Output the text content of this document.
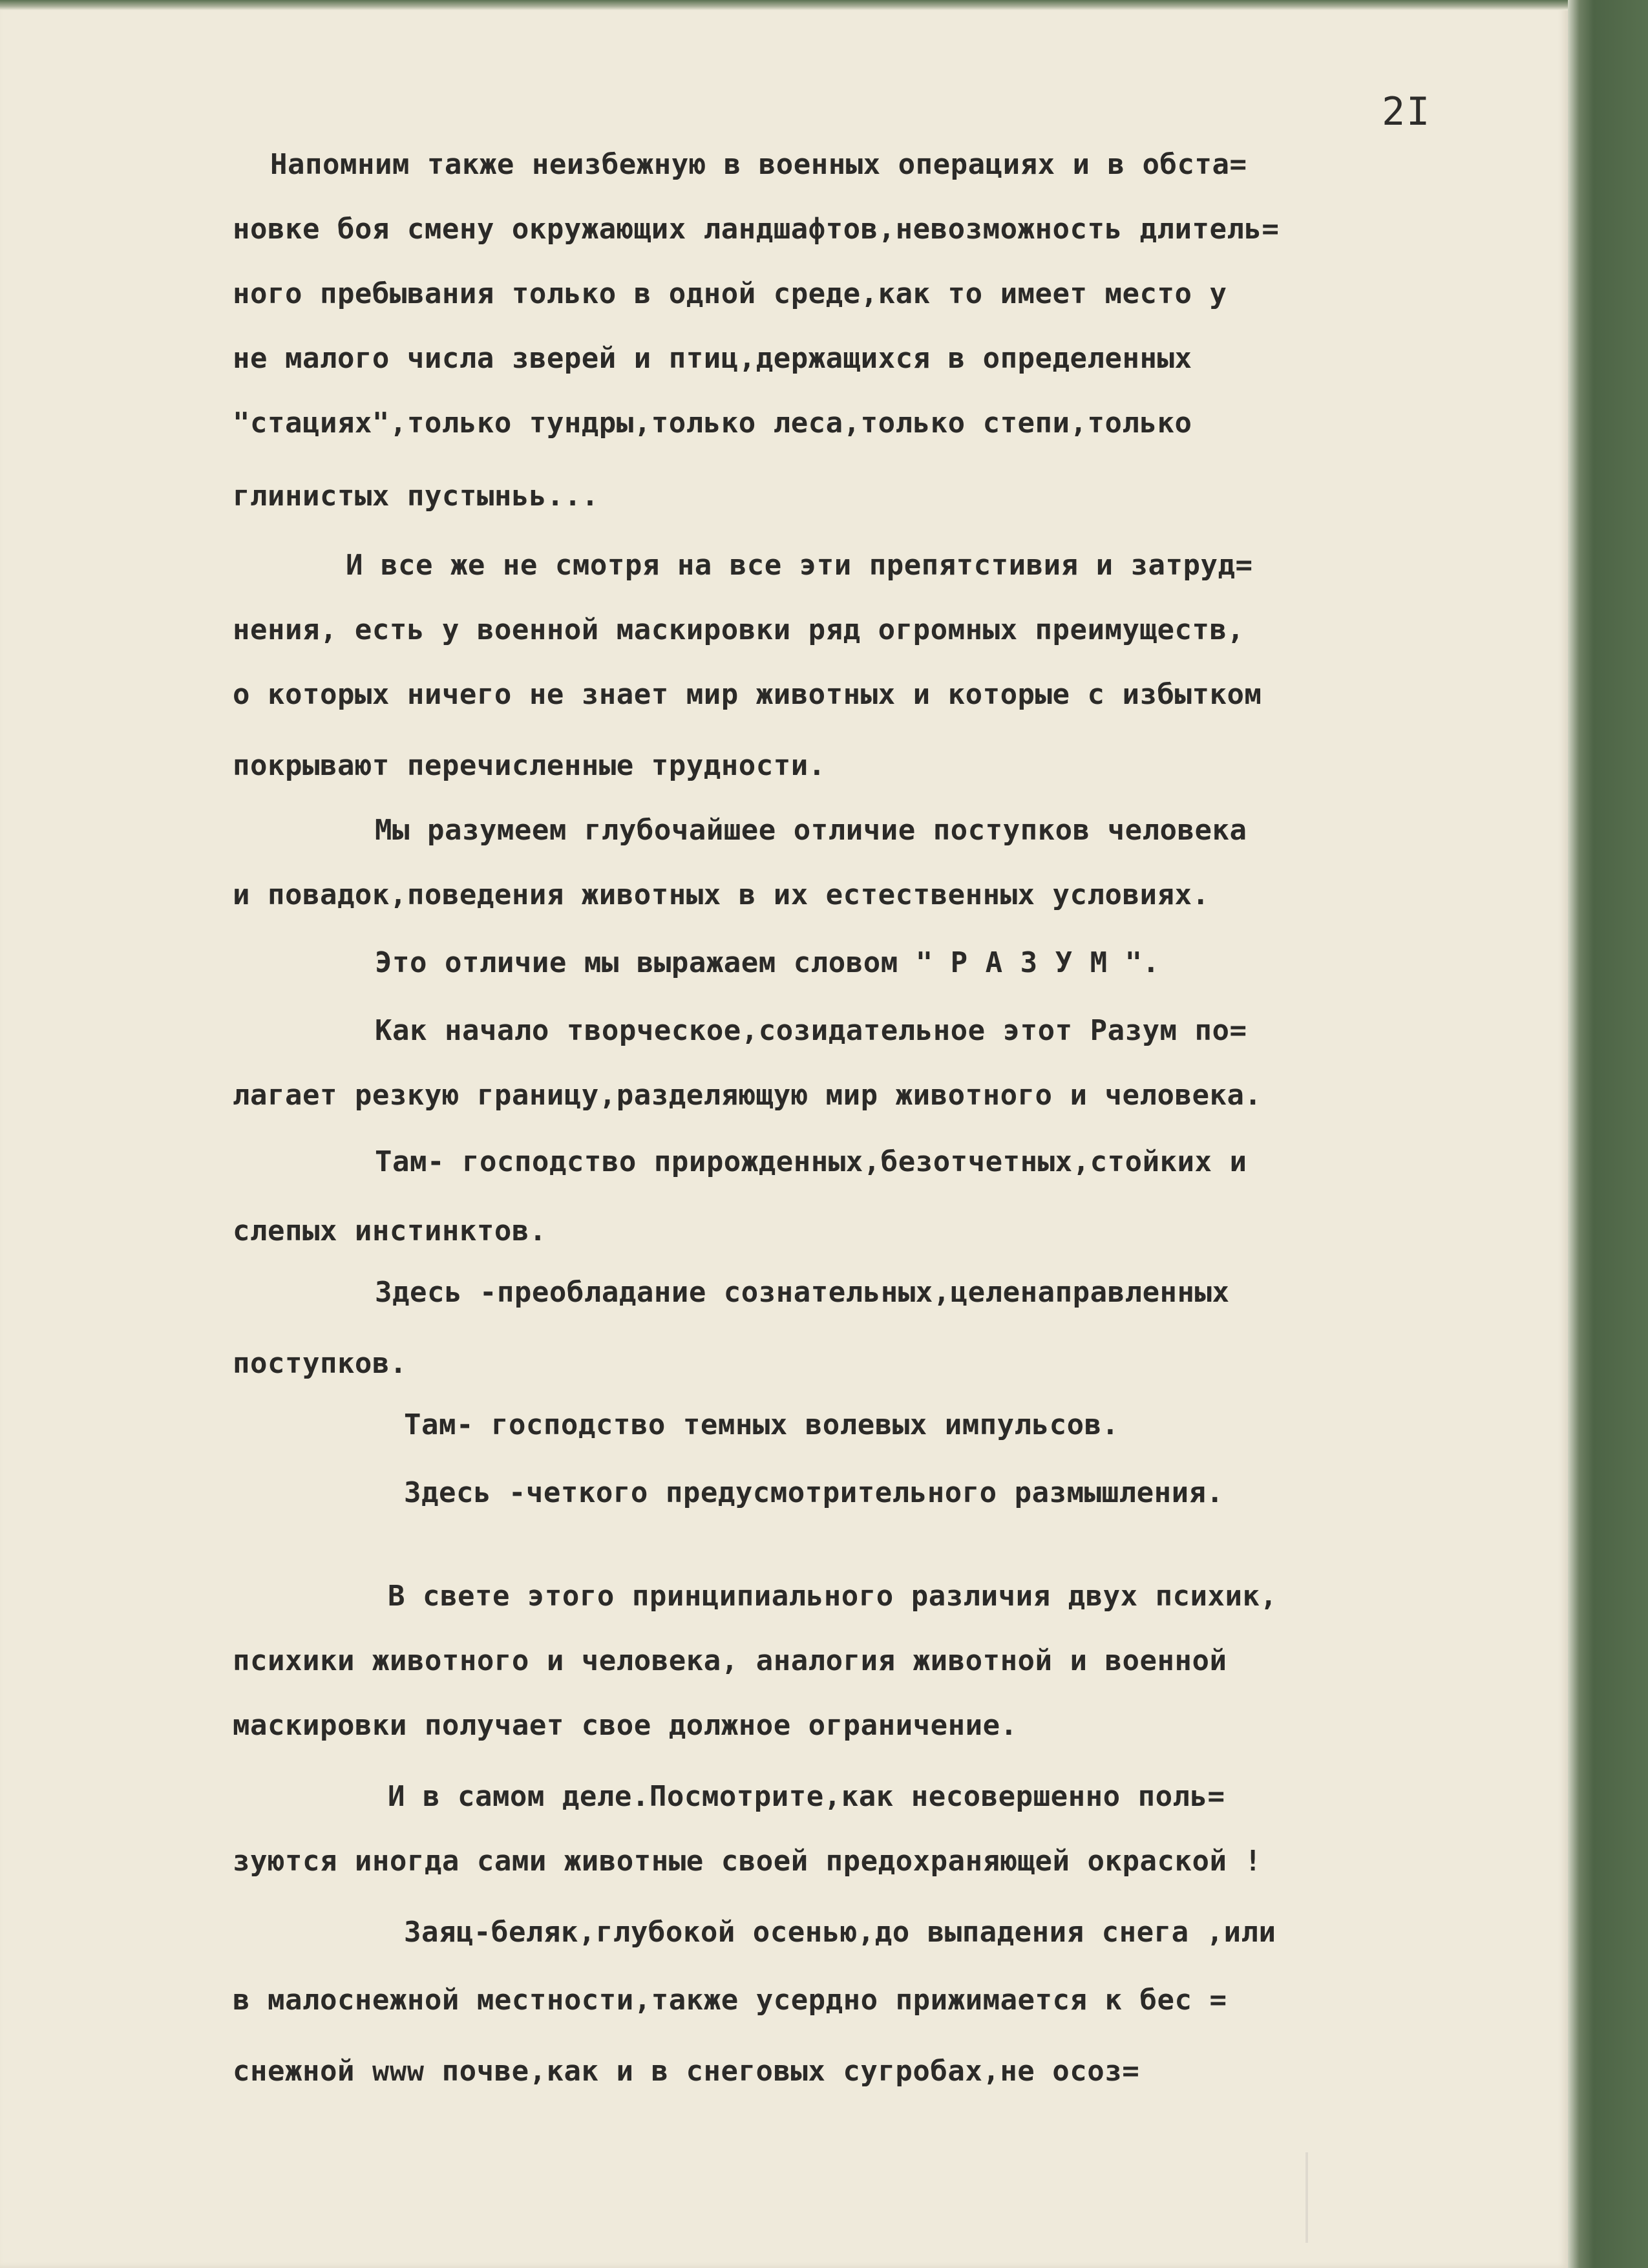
2I
Напомним также неизбежную в военных операциях и в обста=
новке боя смену окружающих ландшафтов,невозможность длитель=
ного пребывания только в одной среде,как то имеет место у
не малого числа зверей и птиц,держащихся в определенных
"стациях",только тундры,только леса,только степи,только
глинистых пустыньь...
И все же не смотря на все эти препятстивия и затруд=
нения, есть у военной маскировки ряд огромных преимуществ,
о которых ничего не знает мир животных и которые с избытком
покрывают перечисленные трудности.
Мы разумеем глубочайшее отличие поступков человека
и повадок,поведения животных в их естественных условиях.
Это отличие мы выражаем словом " Р А З У М ".
Как начало творческое,созидательное этот Разум по=
лагает резкую границу,разделяющую мир животного и человека.
Там- господство прирожденных,безотчетных,стойких и
слепых инстинктов.
Здесь -преобладание сознательных,целенаправленных
поступков.
Там- господство темных волевых импульсов.
Здесь -четкого предусмотрительного размышления.
В свете этого принципиального различия двух психик,
психики животного и человека, аналогия животной и военной
маскировки получает свое должное ограничение.
И в самом деле.Посмотрите,как несовершенно поль=
зуются иногда сами животные своей предохраняющей окраской !
Заяц-беляк,глубокой осенью,до выпадения снега ,или
в малоснежной местности,также усердно прижимается к бес =
снежной ᴡᴡᴡ почве,как и в снеговых сугробах,не осоз=
